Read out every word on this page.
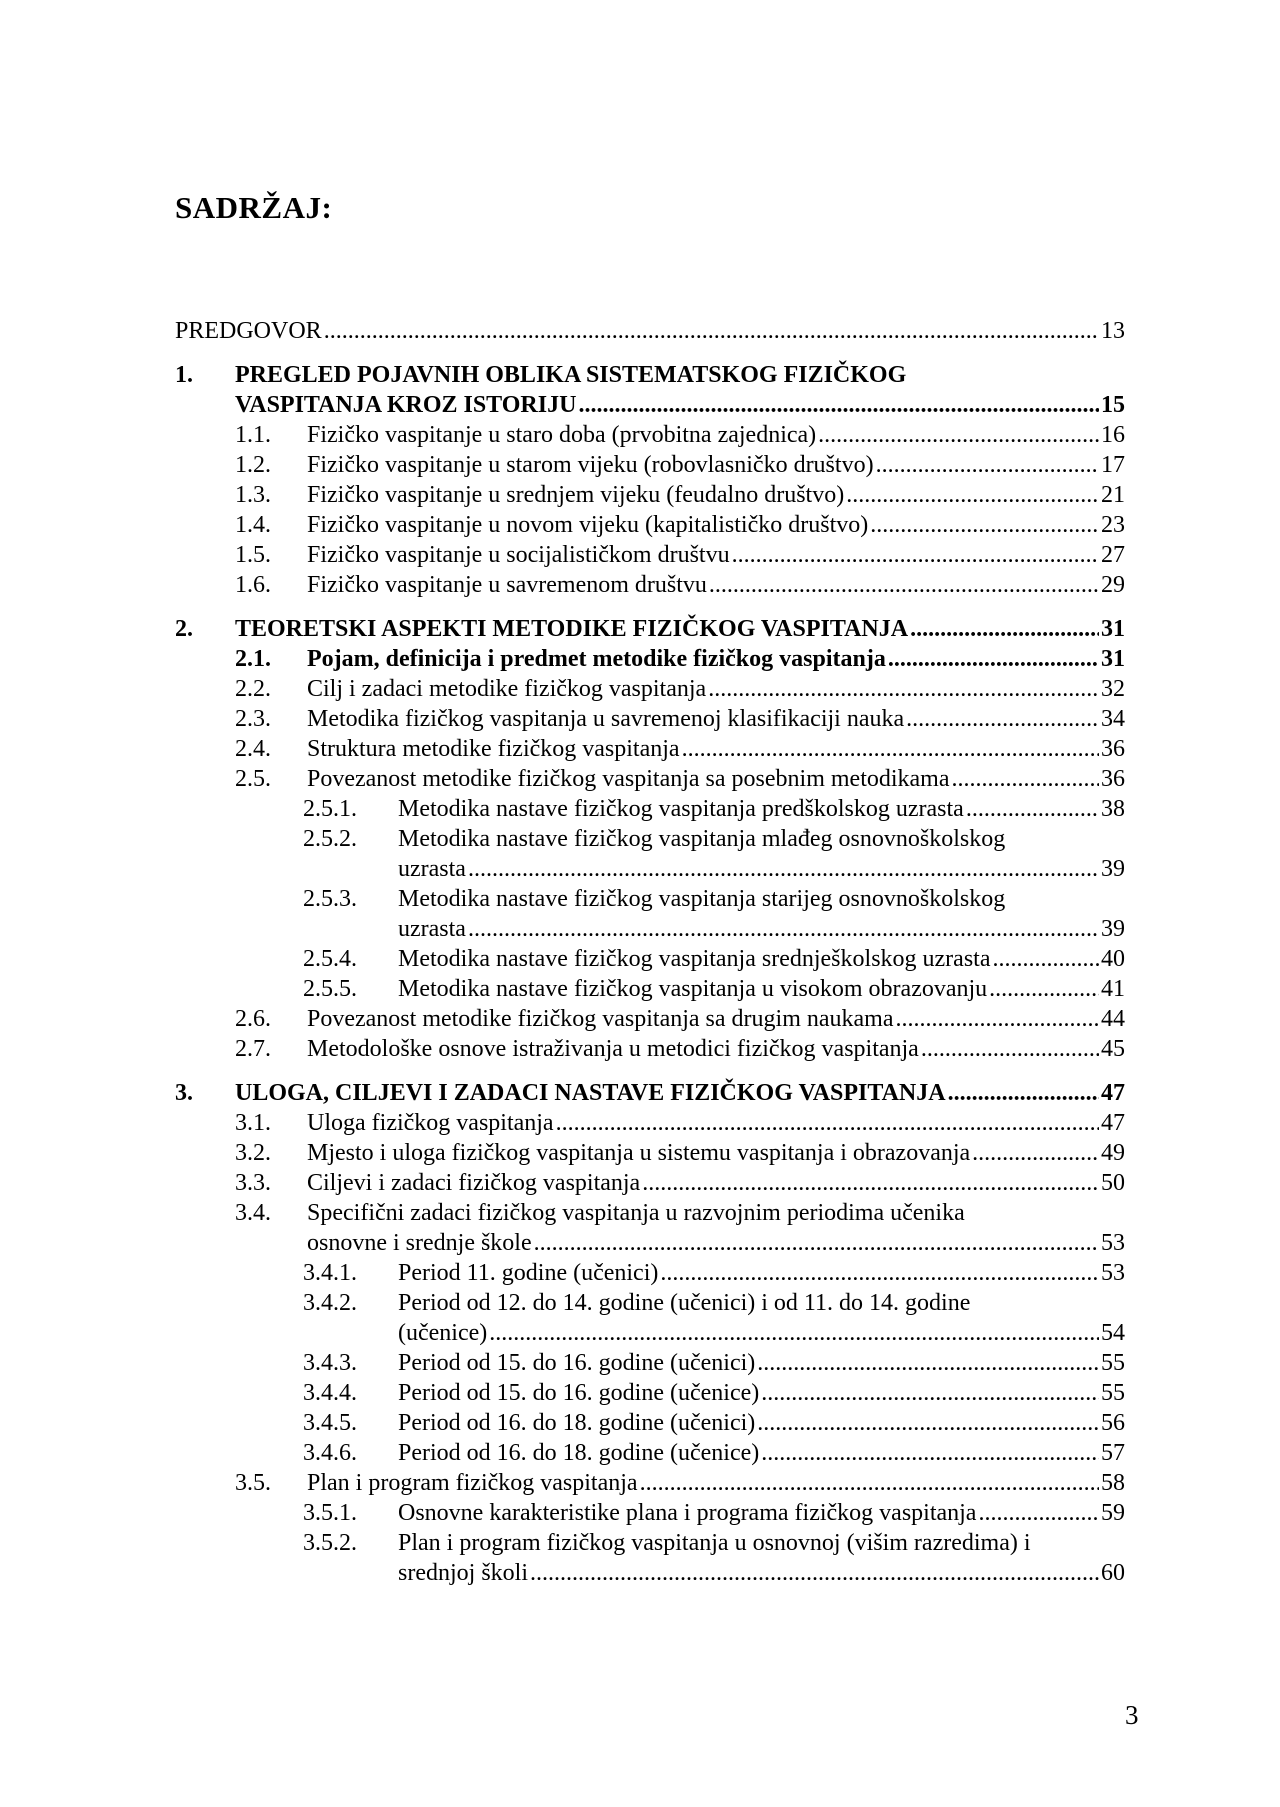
SADRŽAJ:
PREDGOVOR .....	13
1.	PREGLED POJAVNIH OBLIKA SISTEMATSKOG FIZIČKOG
VASPITANJA KROZ ISTORIJU .....	15
1.1.	Fizičko vaspitanje u staro doba (prvobitna zajednica) .....	16
1.2.	Fizičko vaspitanje u starom vijeku (robovlasničko društvo) .....	17
1.3.	Fizičko vaspitanje u srednjem vijeku (feudalno društvo) .....	21
1.4.	Fizičko vaspitanje u novom vijeku (kapitalističko društvo) .....	23
1.5.	Fizičko vaspitanje u socijalističkom društvu .....	27
1.6.	Fizičko vaspitanje u savremenom društvu .....	29
2.	TEORETSKI ASPEKTI METODIKE FIZIČKOG VASPITANJA .....	31
2.1.	Pojam, definicija i predmet metodike fizičkog vaspitanja .....	31
2.2.	Cilj i zadaci metodike fizičkog vaspitanja .....	32
2.3.	Metodika fizičkog vaspitanja u savremenoj klasifikaciji nauka .....	34
2.4.	Struktura metodike fizičkog vaspitanja .....	36
2.5.	Povezanost metodike fizičkog vaspitanja sa posebnim metodikama .....	36
2.5.1.	Metodika nastave fizičkog vaspitanja predškolskog uzrasta .....	38
2.5.2.	Metodika nastave fizičkog vaspitanja mlađeg osnovnoškolskog
uzrasta .....	39
2.5.3.	Metodika nastave fizičkog vaspitanja starijeg osnovnoškolskog
uzrasta .....	39
2.5.4.	Metodika nastave fizičkog vaspitanja srednješkolskog uzrasta .....	40
2.5.5.	Metodika nastave fizičkog vaspitanja u visokom obrazovanju .....	41
2.6.	Povezanost metodike fizičkog vaspitanja sa drugim naukama .....	44
2.7.	Metodološke osnove istraživanja u metodici fizičkog vaspitanja .....	45
3.	ULOGA, CILJEVI I ZADACI NASTAVE FIZIČKOG VASPITANJA .....	47
3.1.	Uloga fizičkog vaspitanja .....	47
3.2.	Mjesto i uloga fizičkog vaspitanja u sistemu vaspitanja i obrazovanja .....	49
3.3.	Ciljevi i zadaci fizičkog vaspitanja .....	50
3.4.	Specifični zadaci fizičkog vaspitanja u razvojnim periodima učenika
osnovne i srednje škole .....	53
3.4.1.	Period 11. godine (učenici) .....	53
3.4.2.	Period od 12. do 14. godine (učenici) i od 11. do 14. godine
(učenice) .....	54
3.4.3.	Period od 15. do 16. godine (učenici) .....	55
3.4.4.	Period od 15. do 16. godine (učenice) .....	55
3.4.5.	Period od 16. do 18. godine (učenici) .....	56
3.4.6.	Period od 16. do 18. godine (učenice) .....	57
3.5.	Plan i program fizičkog vaspitanja .....	58
3.5.1.	Osnovne karakteristike plana i programa fizičkog vaspitanja .....	59
3.5.2.	Plan i program fizičkog vaspitanja u osnovnoj (višim razredima) i
srednjoj školi .....	60
3
